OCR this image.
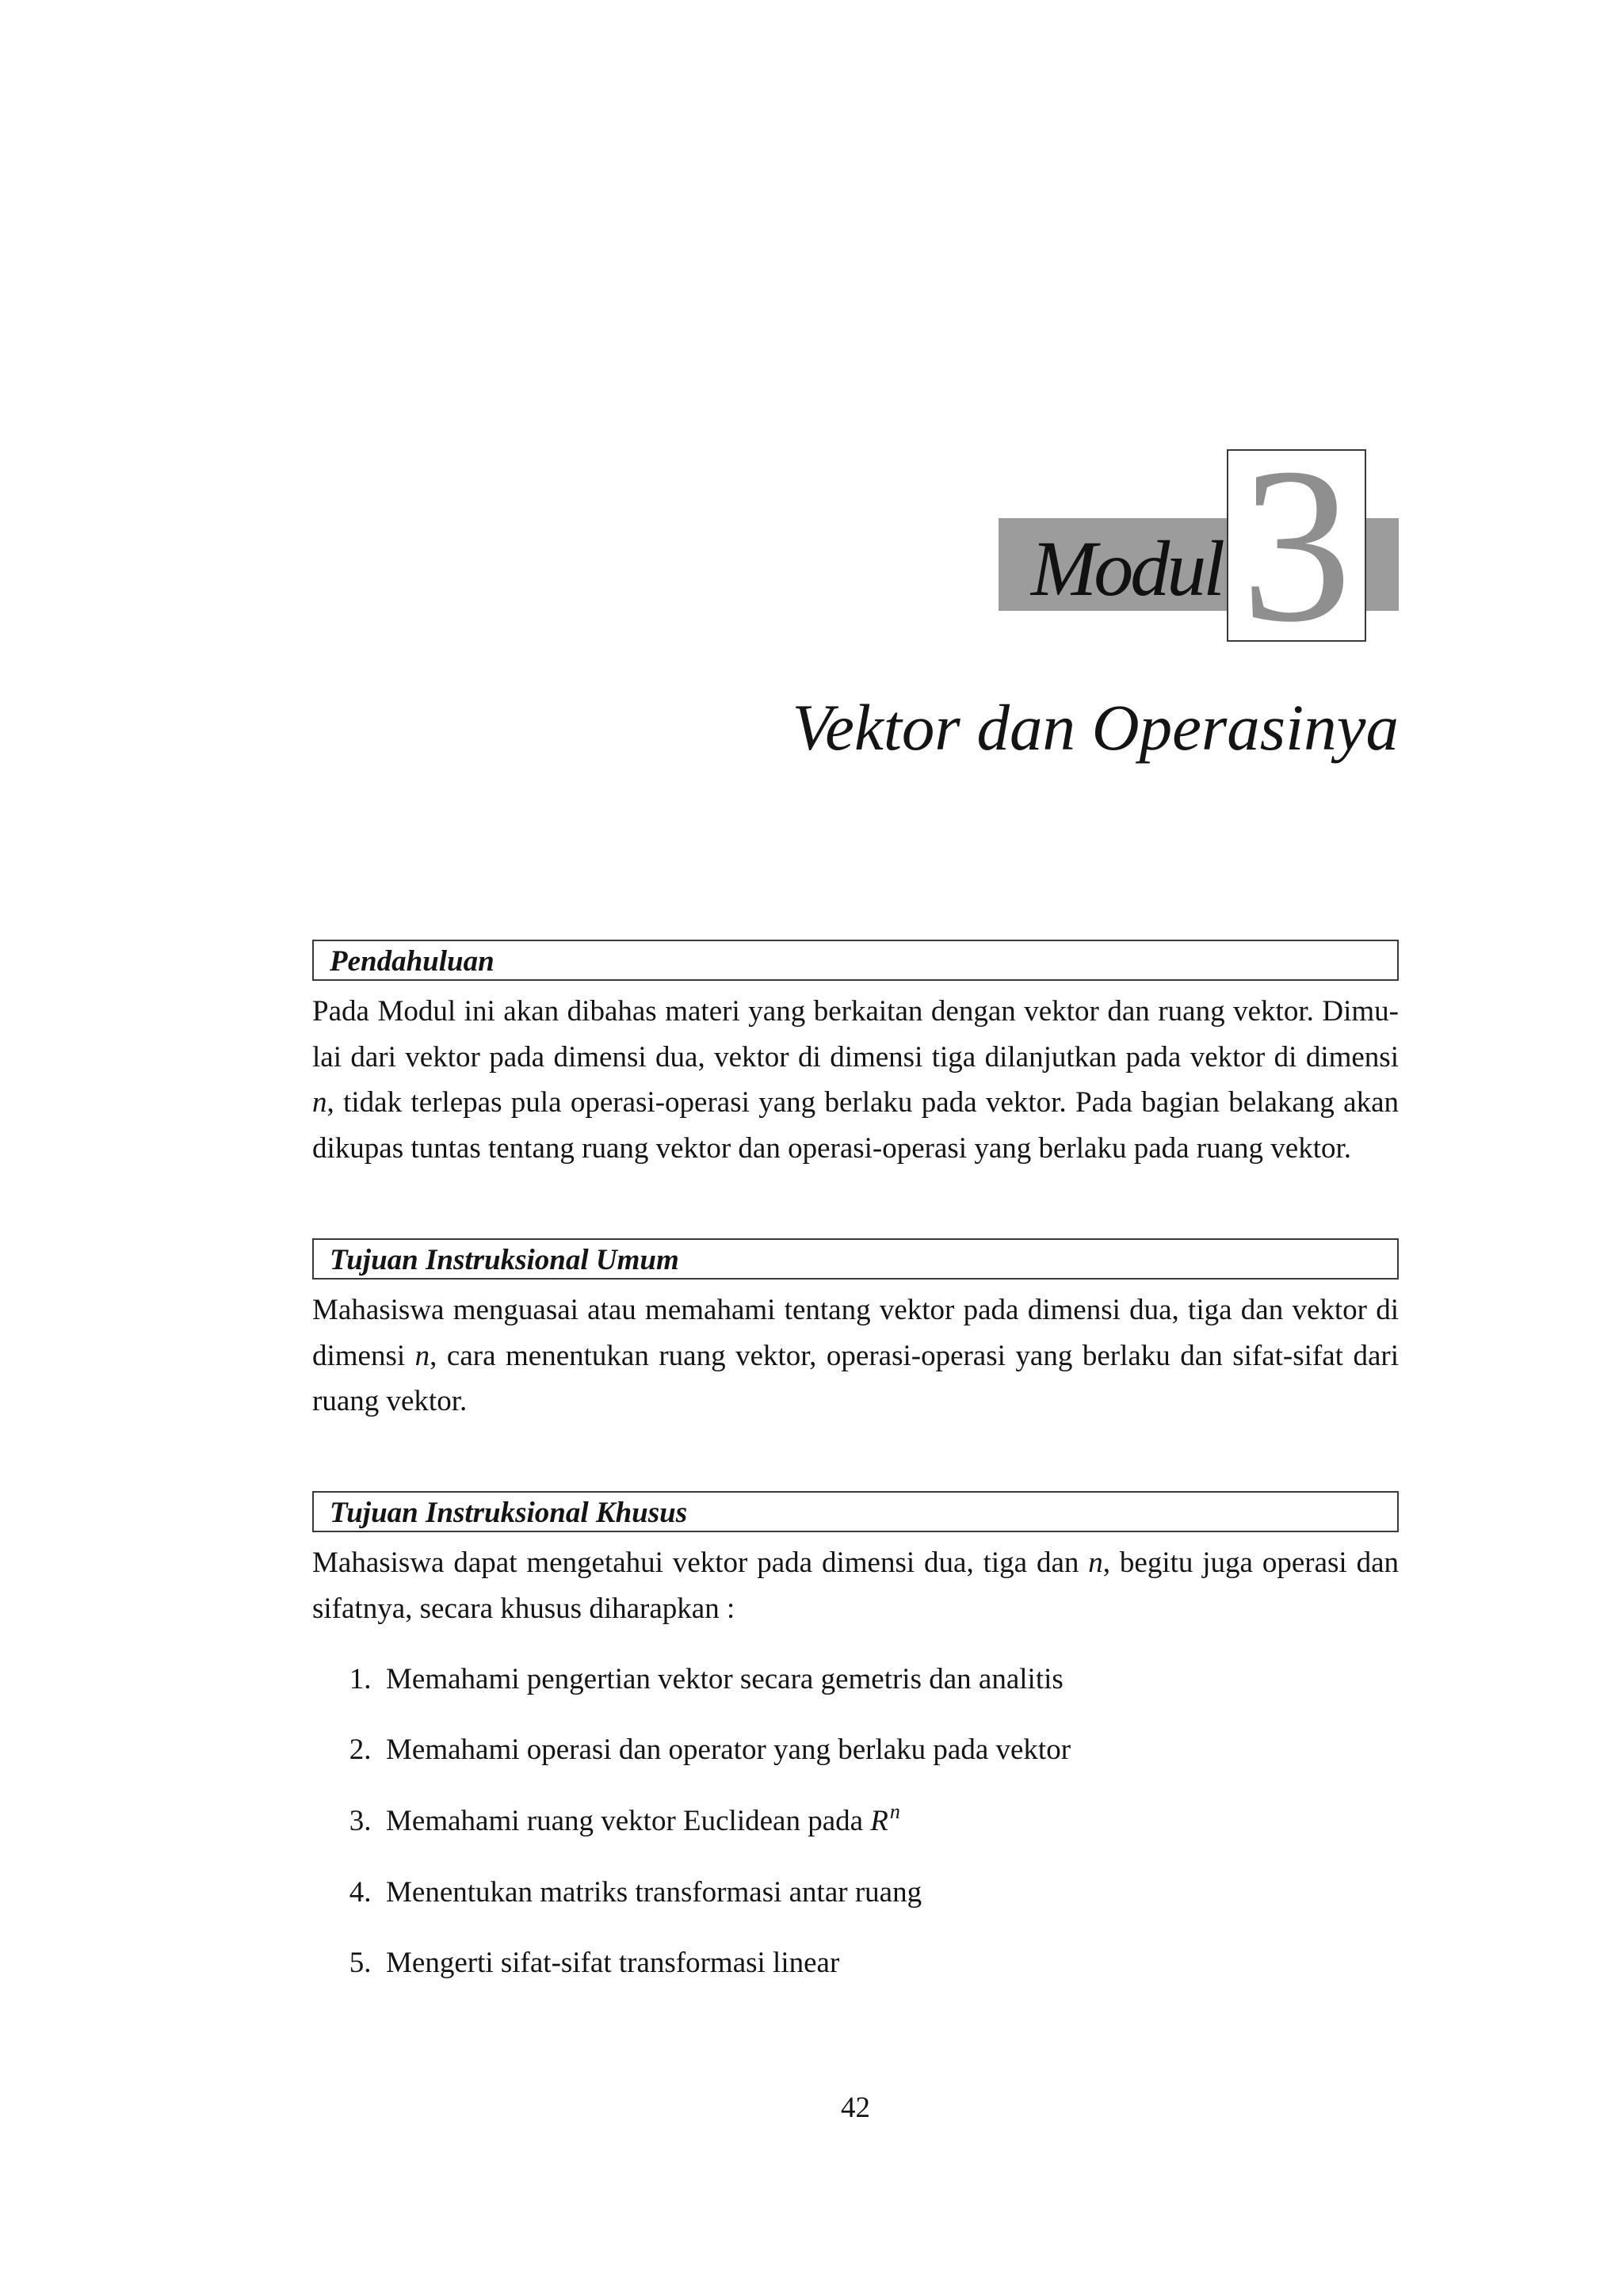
Modul 3
Vektor dan Operasinya
Pendahuluan
Pada Modul ini akan dibahas materi yang berkaitan dengan vektor dan ruang vektor. Dimu-
lai dari vektor pada dimensi dua, vektor di dimensi tiga dilanjutkan pada vektor di dimensi
n, tidak terlepas pula operasi-operasi yang berlaku pada vektor. Pada bagian belakang akan
dikupas tuntas tentang ruang vektor dan operasi-operasi yang berlaku pada ruang vektor.
Tujuan Instruksional Umum
Mahasiswa menguasai atau memahami tentang vektor pada dimensi dua, tiga dan vektor di
dimensi n, cara menentukan ruang vektor, operasi-operasi yang berlaku dan sifat-sifat dari
ruang vektor.
Tujuan Instruksional Khusus
Mahasiswa dapat mengetahui vektor pada dimensi dua, tiga dan n, begitu juga operasi dan
sifatnya, secara khusus diharapkan :
1. Memahami pengertian vektor secara gemetris dan analitis
2. Memahami operasi dan operator yang berlaku pada vektor
3. Memahami ruang vektor Euclidean pada $R^n$
4. Menentukan matriks transformasi antar ruang
5. Mengerti sifat-sifat transformasi linear
42
